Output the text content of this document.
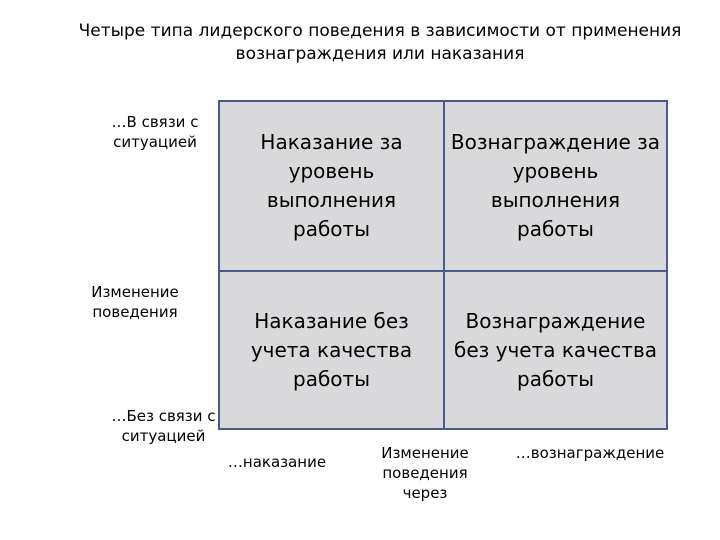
Четыре типа лидерского поведения в зависимости от применения
вознаграждения или наказания
…В связи с
ситуацией
Изменение
поведения
…Без связи с
ситуацией
Наказание за
уровень
выполнения
работы
Вознаграждение за
уровень
выполнения
работы
Наказание без
учета качества
работы
Вознаграждение
без учета качества
работы
…наказание	Изменение
поведения
через
…вознаграждение
